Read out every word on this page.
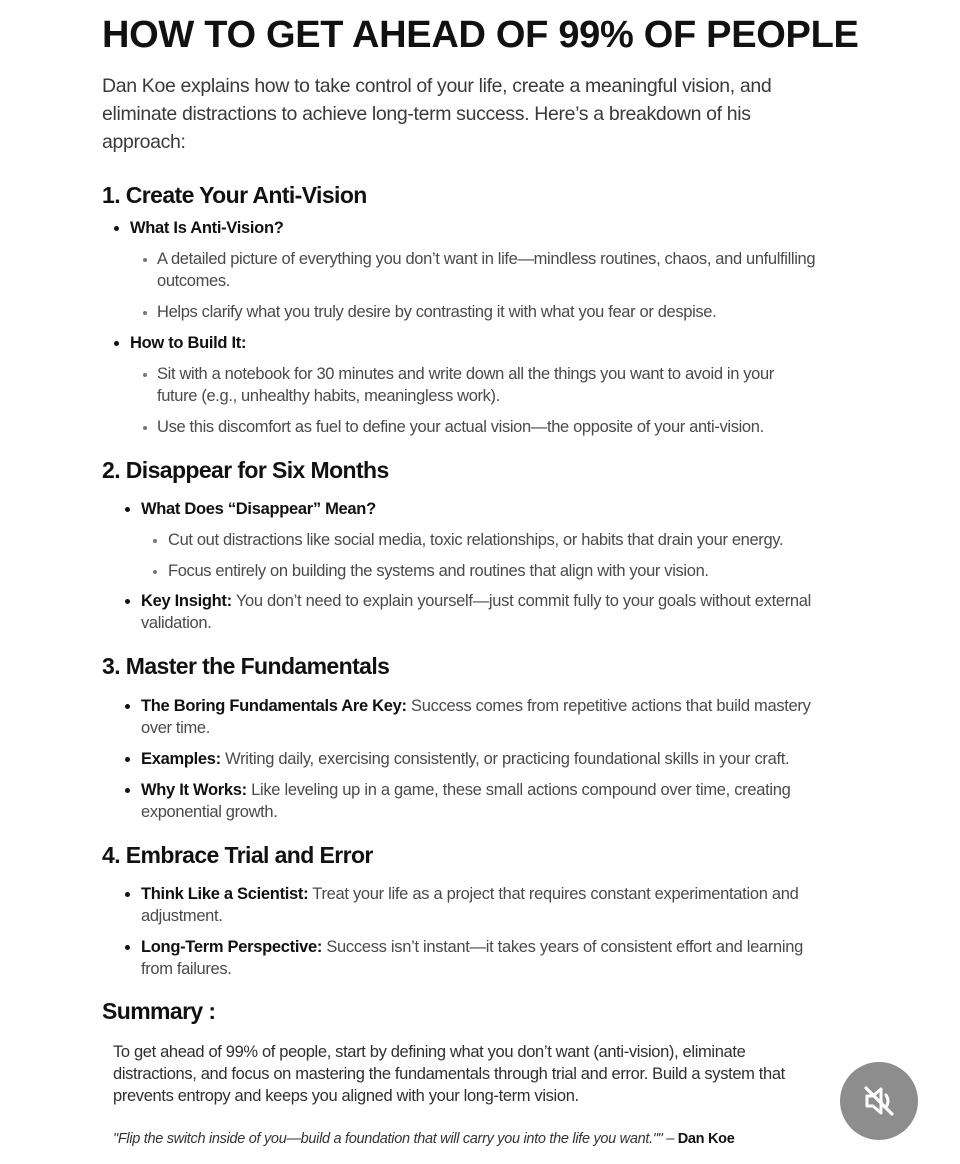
HOW TO GET AHEAD OF 99% OF PEOPLE
Dan Koe explains how to take control of your life, create a meaningful vision, and
eliminate distractions to achieve long-term success. Here’s a breakdown of his
approach:
1. Create Your Anti-Vision
What Is Anti-Vision?
A detailed picture of everything you don’t want in life—mindless routines, chaos, and unfulfilling
outcomes.
Helps clarify what you truly desire by contrasting it with what you fear or despise.
How to Build It:
Sit with a notebook for 30 minutes and write down all the things you want to avoid in your
future (e.g., unhealthy habits, meaningless work).
Use this discomfort as fuel to define your actual vision—the opposite of your anti-vision.
2. Disappear for Six Months
What Does “Disappear” Mean?
Cut out distractions like social media, toxic relationships, or habits that drain your energy.
Focus entirely on building the systems and routines that align with your vision.
Key Insight: You don’t need to explain yourself—just commit fully to your goals without external
validation.
3. Master the Fundamentals
The Boring Fundamentals Are Key: Success comes from repetitive actions that build mastery
over time.
Examples: Writing daily, exercising consistently, or practicing foundational skills in your craft.
Why It Works: Like leveling up in a game, these small actions compound over time, creating
exponential growth.
4. Embrace Trial and Error
Think Like a Scientist: Treat your life as a project that requires constant experimentation and
adjustment.
Long-Term Perspective: Success isn’t instant—it takes years of consistent effort and learning
from failures.
Summary :
To get ahead of 99% of people, start by defining what you don’t want (anti-vision), eliminate
distractions, and focus on mastering the fundamentals through trial and error. Build a system that
prevents entropy and keeps you aligned with your long-term vision.
"Flip the switch inside of you—build a foundation that will carry you into the life you want."" – Dan Koe
